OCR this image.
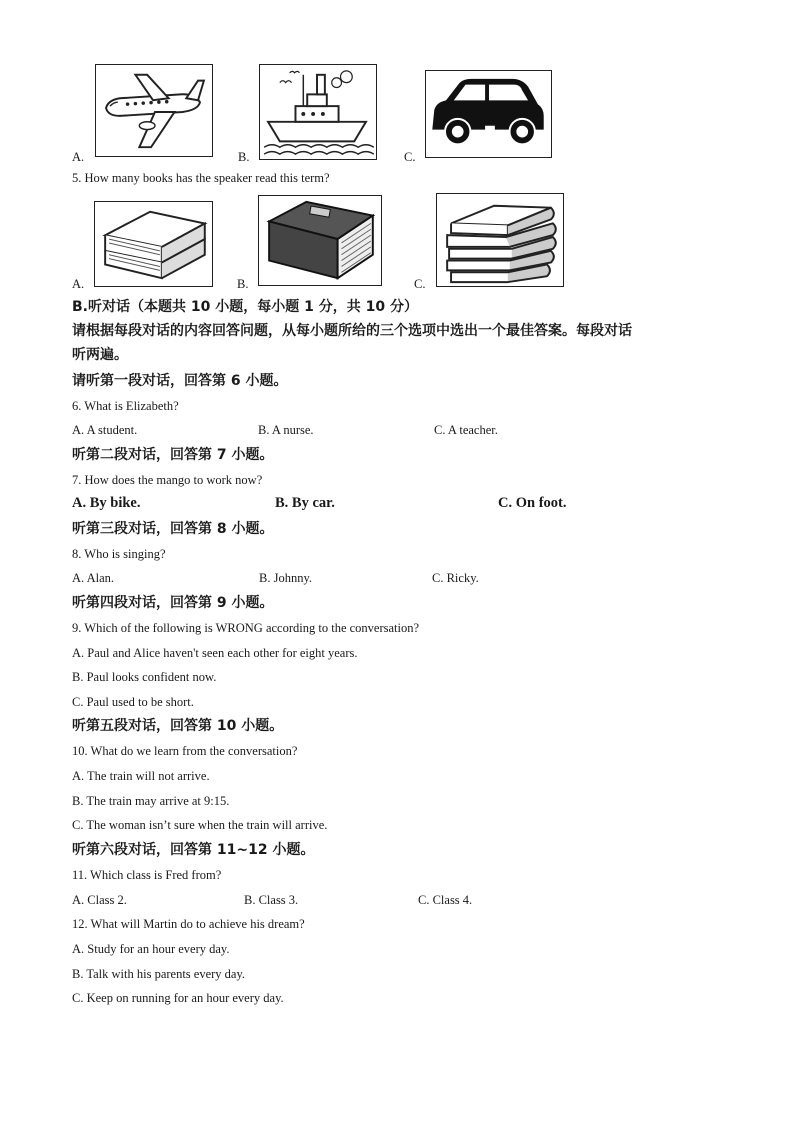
A.	B.	C.
5. How many books has the speaker read this term?
A.	B.	C.
B.听对话（本题共 10 小题，每小题 1 分，共 10 分）
请根据每段对话的内容回答问题，从每小题所给的三个选项中选出一个最佳答案。每段对话
听两遍。
请听第一段对话，回答第 6 小题。
6. What is Elizabeth?
A. A student.	B. A nurse.	C. A teacher.
听第二段对话，回答第 7 小题。
7. How does the mango to work now?
A. By bike.	B. By car.	C. On foot.
听第三段对话，回答第 8 小题。
8. Who is singing?
A. Alan.	B. Johnny.	C. Ricky.
听第四段对话，回答第 9 小题。
9. Which of the following is WRONG according to the conversation?
A. Paul and Alice haven't seen each other for eight years.
B. Paul looks confident now.
C. Paul used to be short.
听第五段对话，回答第 10 小题。
10. What do we learn from the conversation?
A. The train will not arrive.
B. The train may arrive at 9:15.
C. The woman isn’t sure when the train will arrive.
听第六段对话，回答第 11~12 小题。
11. Which class is Fred from?
A. Class 2.	B. Class 3.	C. Class 4.
12. What will Martin do to achieve his dream?
A. Study for an hour every day.
B. Talk with his parents every day.
C. Keep on running for an hour every day.
